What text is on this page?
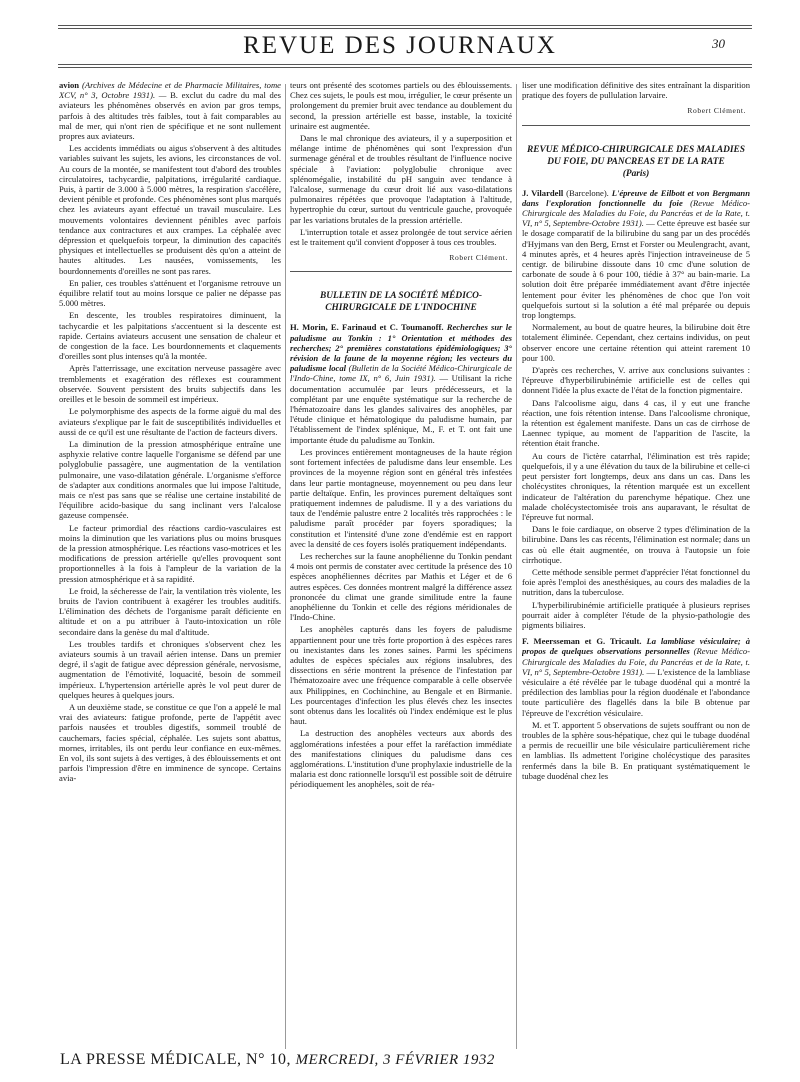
REVUE DES JOURNAUX	30

avion (Archives de Médecine et de Pharmacie Militaires, tome XCV, n° 3, Octobre 1931). — B. exclut du cadre du mal des aviateurs les phénomènes observés en avion par gros temps, parfois à des altitudes très faibles, tout à fait comparables au mal de mer, qui n'ont rien de spécifique et ne sont nullement propres aux aviateurs.

Les accidents immédiats ou aigus s'observent à des altitudes variables suivant les sujets, les avions, les circonstances de vol. Au cours de la montée, se manifestent tout d'abord des troubles circulatoires, tachycardie, palpitations, irrégularité cardiaque. Puis, à partir de 3.000 à 5.000 mètres, la respiration s'accélère, devient pénible et profonde. Ces phénomènes sont plus marqués chez les aviateurs ayant effectué un travail musculaire. Les mouvements volontaires deviennent pénibles avec parfois tendance aux contractures et aux crampes. La céphalée avec dépression et quelquefois torpeur, la diminution des capacités physiques et intellectuelles se produisent dès qu'on a atteint de hautes altitudes. Les nausées, vomissements, les bourdonnements d'oreilles ne sont pas rares.

En palier, ces troubles s'atténuent et l'organisme retrouve un équilibre relatif tout au moins lorsque ce palier ne dépasse pas 5.000 mètres.

En descente, les troubles respiratoires diminuent, la tachycardie et les palpitations s'accentuent si la descente est rapide. Certains aviateurs accusent une sensation de chaleur et de congestion de la face. Les bourdonnements et claquements d'oreilles sont plus intenses qu'à la montée.

Après l'atterrissage, une excitation nerveuse passagère avec tremblements et exagération des réflexes est couramment observée. Souvent persistent des bruits subjectifs dans les oreilles et le besoin de sommeil est impérieux.

Le polymorphisme des aspects de la forme aiguë du mal des aviateurs s'explique par le fait de susceptibilités individuelles et aussi de ce qu'il est une résultante de l'action de facteurs divers.

La diminution de la pression atmosphérique entraîne une asphyxie relative contre laquelle l'organisme se défend par une polyglobulie passagère, une augmentation de la ventilation pulmonaire, une vaso-dilatation générale. L'organisme s'efforce de s'adapter aux conditions anormales que lui impose l'altitude, mais ce n'est pas sans que se réalise une certaine instabilité de l'équilibre acido-basique du sang inclinant vers l'alcalose gazeuse compensée.

Le facteur primordial des réactions cardio-vasculaires est moins la diminution que les variations plus ou moins brusques de la pression atmosphérique. Les réactions vaso-motrices et les modifications de pression artérielle qu'elles provoquent sont proportionnelles à la fois à l'ampleur de la variation de la pression atmosphérique et à sa rapidité.

Le froid, la sécheresse de l'air, la ventilation très violente, les bruits de l'avion contribuent à exagérer les troubles auditifs. L'élimination des déchets de l'organisme paraît déficiente en altitude et on a pu attribuer à l'auto-intoxication un rôle secondaire dans la genèse du mal d'altitude.

Les troubles tardifs et chroniques s'observent chez les aviateurs soumis à un travail aérien intense. Dans un premier degré, il s'agit de fatigue avec dépression générale, nervosisme, augmentation de l'émotivité, loquacité, besoin de sommeil impérieux. L'hypertension artérielle après le vol peut durer de quelques heures à quelques jours.

A un deuxième stade, se constitue ce que l'on a appelé le mal vrai des aviateurs: fatigue profonde, perte de l'appétit avec parfois nausées et troubles digestifs, sommeil troublé de cauchemars, facies spécial, céphalée. Les sujets sont abattus, mornes, irritables, ils ont perdu leur confiance en eux-mêmes. En vol, ils sont sujets à des vertiges, à des éblouissements et ont parfois l'impression d'être en imminence de syncope. Certains avia-

teurs ont présenté des scotomes partiels ou des éblouissements. Chez ces sujets, le pouls est mou, irrégulier, le cœur présente un prolongement du premier bruit avec tendance au doublement du second, la pression artérielle est basse, instable, la toxicité urinaire est augmentée.

Dans le mal chronique des aviateurs, il y a superposition et mélange intime de phénomènes qui sont l'expression d'un surmenage général et de troubles résultant de l'influence nocive spéciale à l'aviation: polyglobulie chronique avec splénomégalie, instabilité du pH sanguin avec tendance à l'alcalose, surmenage du cœur droit lié aux vaso-dilatations pulmonaires répétées que provoque l'adaptation à l'altitude, hypertrophie du cœur, surtout du ventricule gauche, provoquée par les variations brutales de la pression artérielle.

L'interruption totale et assez prolongée de tout service aérien est le traitement qu'il convient d'opposer à tous ces troubles.

Robert Clément.

BULLETIN DE LA SOCIÉTÉ MÉDICO-CHIRURGICALE DE L'INDOCHINE

H. Morin, E. Farinaud et C. Toumanoff. Recherches sur le paludisme au Tonkin : 1° Orientation et méthodes des recherches; 2° premières constatations épidémiologiques; 3° révision de la faune de la moyenne région; les vecteurs du paludisme local (Bulletin de la Société Médico-Chirurgicale de l'Indo-Chine, tome IX, n° 6, Juin 1931). — Utilisant la riche documentation accumulée par leurs prédécesseurs, et la complétant par une enquête systématique sur la recherche de l'hématozoaire dans les glandes salivaires des anophèles, par l'étude clinique et hématologique du paludisme humain, par l'établissement de l'index splénique, M., F. et T. ont fait une importante étude du paludisme au Tonkin.

Les provinces entièrement montagneuses de la haute région sont fortement infectées de paludisme dans leur ensemble. Les provinces de la moyenne région sont en général très infestées dans leur partie montagneuse, moyennement ou peu dans leur partie deltaïque. Enfin, les provinces purement deltaïques sont pratiquement indemnes de paludisme. Il y a des variations du taux de l'endémie palustre entre 2 localités très rapprochées : le paludisme paraît procéder par foyers sporadiques; la constitution et l'intensité d'une zone d'endémie est en rapport avec la densité de ces foyers isolés pratiquement indépendants.

Les recherches sur la faune anophélienne du Tonkin pendant 4 mois ont permis de constater avec certitude la présence des 10 espèces anophéliennes décrites par Mathis et Léger et de 6 autres espèces. Ces données montrent malgré la différence assez prononcée du climat une grande similitude entre la faune anophélienne du Tonkin et celle des régions méridionales de l'Indo-Chine.

Les anophèles capturés dans les foyers de paludisme appartiennent pour une très forte proportion à des espèces rares ou inexistantes dans les zones saines. Parmi les spécimens adultes de espèces spéciales aux régions insalubres, des dissections en série montrent la présence de l'infestation par l'hématozoaire avec une fréquence comparable à celle observée aux Philippines, en Cochinchine, au Bengale et en Birmanie. Les pourcentages d'infection les plus élevés chez les insectes sont obtenus dans les localités où l'index endémique est le plus haut.

La destruction des anophèles vecteurs aux abords des agglomérations infestées a pour effet la raréfaction immédiate des manifestations cliniques du paludisme dans ces agglomérations. L'institution d'une prophylaxie industrielle de la malaria est donc rationnelle lorsqu'il est possible soit de détruire périodiquement les anophèles, soit de réa-

liser une modification définitive des sites entraînant la disparition pratique des foyers de pullulation larvaire.

Robert Clément.

REVUE MÉDICO-CHIRURGICALE DES MALADIES DU FOIE, DU PANCREAS ET DE LA RATE

(Paris)

J. Vilardell (Barcelone). L'épreuve de Eilbott et von Bergmann dans l'exploration fonctionnelle du foie (Revue Médico-Chirurgicale des Maladies du Foie, du Pancréas et de la Rate, t. VI, n° 5, Septembre-Octobre 1931). — Cette épreuve est basée sur le dosage comparatif de la bilirubine du sang par un des procédés d'Hyjmans van den Berg, Ernst et Forster ou Meulengracht, avant, 4 minutes après, et 4 heures après l'injection intraveineuse de 5 centigr. de bilirubine dissoute dans 10 cmc d'une solution de carbonate de soude à 6 pour 100, tiédie à 37° au bain-marie. La solution doit être préparée immédiatement avant d'être injectée lentement pour éviter les phénomènes de choc que l'on voit quelquefois surtout si la solution a été mal préparée ou depuis trop longtemps.

Normalement, au bout de quatre heures, la bilirubine doit être totalement éliminée. Cependant, chez certains individus, on peut observer encore une certaine rétention qui atteint rarement 10 pour 100.

D'après ces recherches, V. arrive aux conclusions suivantes : l'épreuve d'hyperbilirubinémie artificielle est de celles qui donnent l'idée la plus exacte de l'état de la fonction pigmentaire.

Dans l'alcoolisme aigu, dans 4 cas, il y eut une franche réaction, une fois rétention intense. Dans l'alcoolisme chronique, la rétention est également manifeste. Dans un cas de cirrhose de Laennec typique, au moment de l'apparition de l'ascite, la rétention était franche.

Au cours de l'ictère catarrhal, l'élimination est très rapide; quelquefois, il y a une élévation du taux de la bilirubine et celle-ci peut persister fort longtemps, deux ans dans un cas. Dans les cholécystites chroniques, la rétention marquée est un excellent indicateur de l'altération du parenchyme hépatique. Chez une malade cholécystectomisée trois ans auparavant, le résultat de l'épreuve fut normal.

Dans le foie cardiaque, on observe 2 types d'élimination de la bilirubine. Dans les cas récents, l'élimination est normale; dans un cas où elle était augmentée, on trouva à l'autopsie un foie cirrhotique.

Cette méthode sensible permet d'apprécier l'état fonctionnel du foie après l'emploi des anesthésiques, au cours des maladies de la nutrition, dans la tuberculose.

L'hyperbilirubinémie artificielle pratiquée à plusieurs reprises pourrait aider à compléter l'étude de la physio-pathologie des pigments biliaires.

F. Meersseman et G. Tricault. La lambliase vésiculaire; à propos de quelques observations personnelles (Revue Médico-Chirurgicale des Maladies du Foie, du Pancréas et de la Rate, t. VI, n° 5, Septembre-Octobre 1931). — L'existence de la lambliase vésiculaire a été révélée par le tubage duodénal qui a montré la prédilection des lamblias pour la région duodénale et l'abondance toute particulière des flagellés dans la bile B obtenue par l'épreuve de l'excrétion vésiculaire.

M. et T. apportent 5 observations de sujets souffrant ou non de troubles de la sphère sous-hépatique, chez qui le tubage duodénal a permis de recueillir une bile vésiculaire particulièrement riche en lamblias. Ils admettent l'origine cholécystique des parasites renfermés dans la bile B. En pratiquant systématiquement le tubage duodénal chez les

LA PRESSE MÉDICALE, N° 10, MERCREDI, 3 FÉVRIER 1932
